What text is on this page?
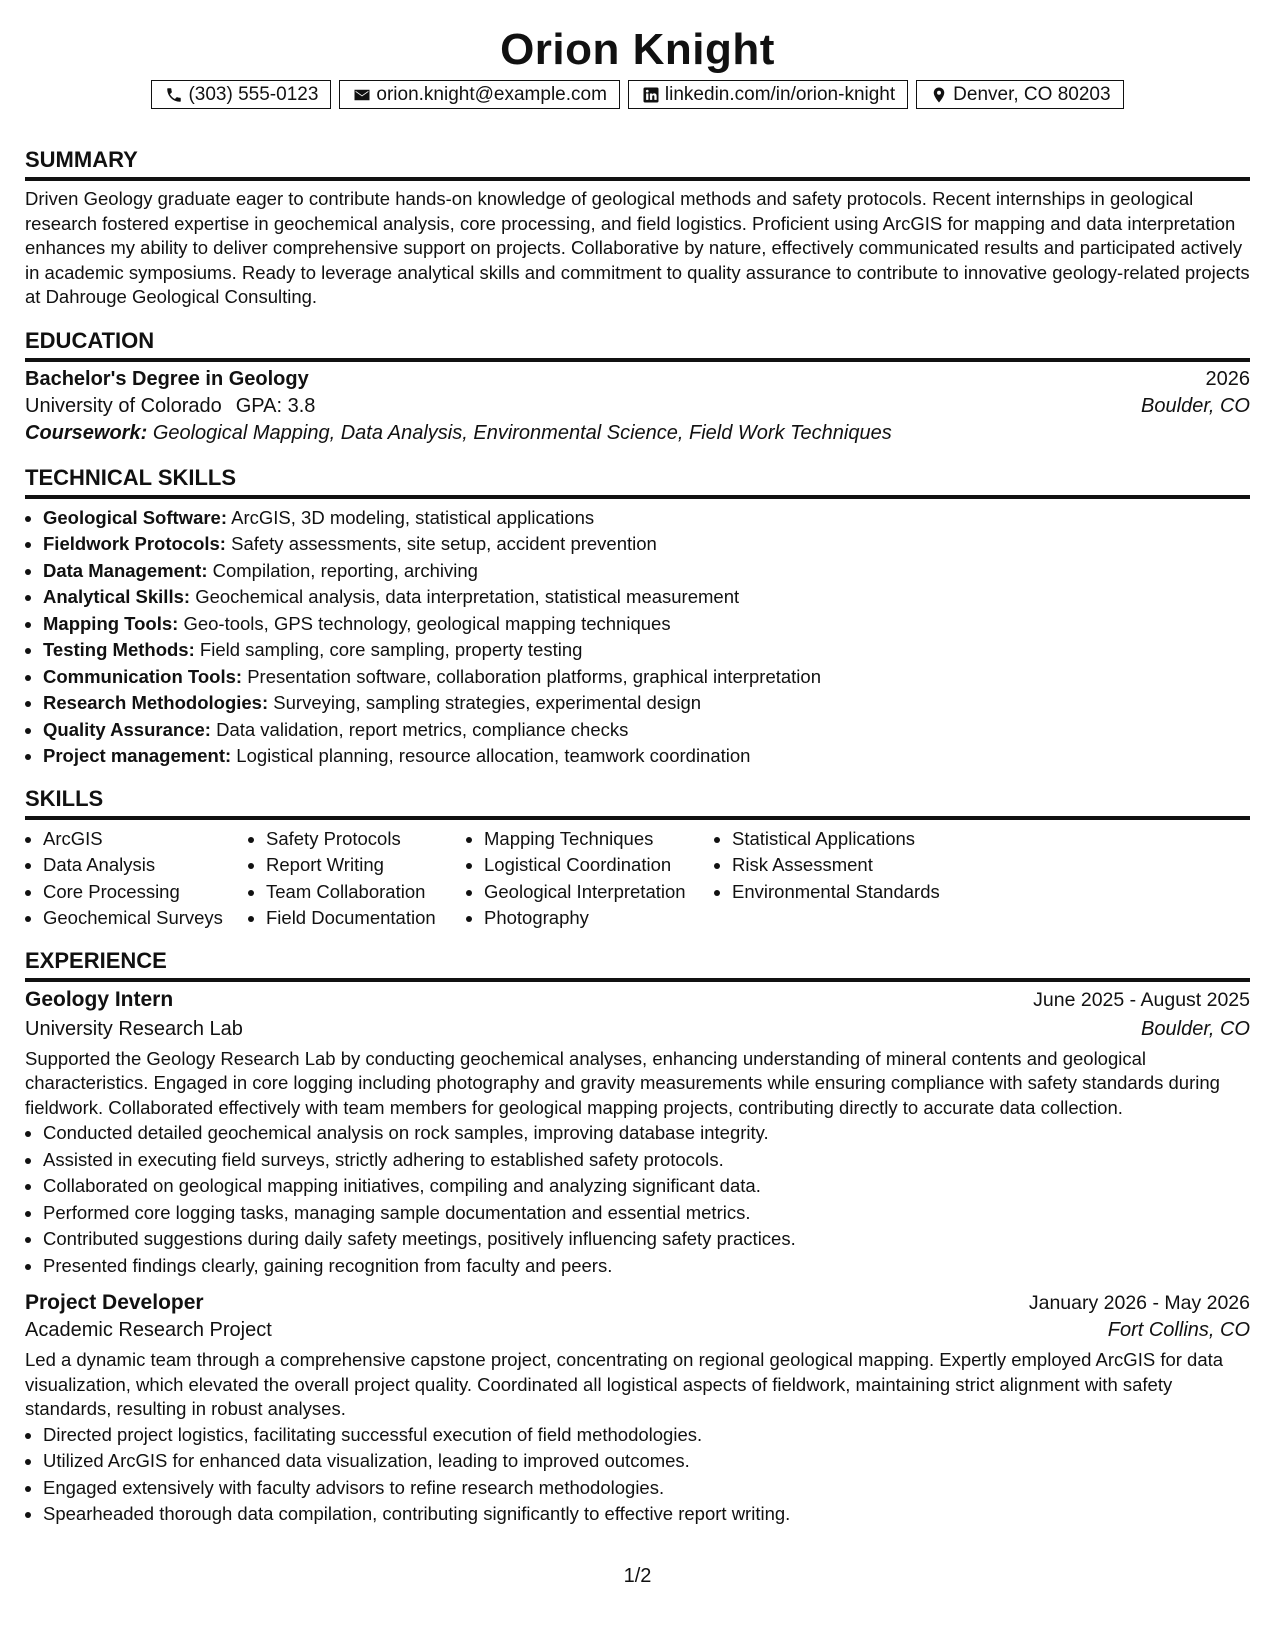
Orion Knight
(303) 555-0123	orion.knight@example.com	linkedin.com/in/orion-knight	Denver, CO 80203
SUMMARY
Driven Geology graduate eager to contribute hands-on knowledge of geological methods and safety protocols. Recent internships in geological research fostered expertise in geochemical analysis, core processing, and field logistics. Proficient using ArcGIS for mapping and data interpretation enhances my ability to deliver comprehensive support on projects. Collaborative by nature, effectively communicated results and participated actively in academic symposiums. Ready to leverage analytical skills and commitment to quality assurance to contribute to innovative geology-related projects at Dahrouge Geological Consulting.
EDUCATION
Bachelor's Degree in Geology	2026
University of Colorado GPA: 3.8	Boulder, CO
Coursework: Geological Mapping, Data Analysis, Environmental Science, Field Work Techniques
TECHNICAL SKILLS
• Geological Software: ArcGIS, 3D modeling, statistical applications
• Fieldwork Protocols: Safety assessments, site setup, accident prevention
• Data Management: Compilation, reporting, archiving
• Analytical Skills: Geochemical analysis, data interpretation, statistical measurement
• Mapping Tools: Geo-tools, GPS technology, geological mapping techniques
• Testing Methods: Field sampling, core sampling, property testing
• Communication Tools: Presentation software, collaboration platforms, graphical interpretation
• Research Methodologies: Surveying, sampling strategies, experimental design
• Quality Assurance: Data validation, report metrics, compliance checks
• Project management: Logistical planning, resource allocation, teamwork coordination
SKILLS
• ArcGIS
• Data Analysis
• Core Processing
• Geochemical Surveys
• Safety Protocols
• Report Writing
• Team Collaboration
• Field Documentation
• Mapping Techniques
• Logistical Coordination
• Geological Interpretation
• Photography
• Statistical Applications
• Risk Assessment
• Environmental Standards
EXPERIENCE
Geology Intern	June 2025 - August 2025
University Research Lab	Boulder, CO
Supported the Geology Research Lab by conducting geochemical analyses, enhancing understanding of mineral contents and geological characteristics. Engaged in core logging including photography and gravity measurements while ensuring compliance with safety standards during fieldwork. Collaborated effectively with team members for geological mapping projects, contributing directly to accurate data collection.
• Conducted detailed geochemical analysis on rock samples, improving database integrity.
• Assisted in executing field surveys, strictly adhering to established safety protocols.
• Collaborated on geological mapping initiatives, compiling and analyzing significant data.
• Performed core logging tasks, managing sample documentation and essential metrics.
• Contributed suggestions during daily safety meetings, positively influencing safety practices.
• Presented findings clearly, gaining recognition from faculty and peers.
Project Developer	January 2026 - May 2026
Academic Research Project	Fort Collins, CO
Led a dynamic team through a comprehensive capstone project, concentrating on regional geological mapping. Expertly employed ArcGIS for data visualization, which elevated the overall project quality. Coordinated all logistical aspects of fieldwork, maintaining strict alignment with safety standards, resulting in robust analyses.
• Directed project logistics, facilitating successful execution of field methodologies.
• Utilized ArcGIS for enhanced data visualization, leading to improved outcomes.
• Engaged extensively with faculty advisors to refine research methodologies.
• Spearheaded thorough data compilation, contributing significantly to effective report writing.
1/2
